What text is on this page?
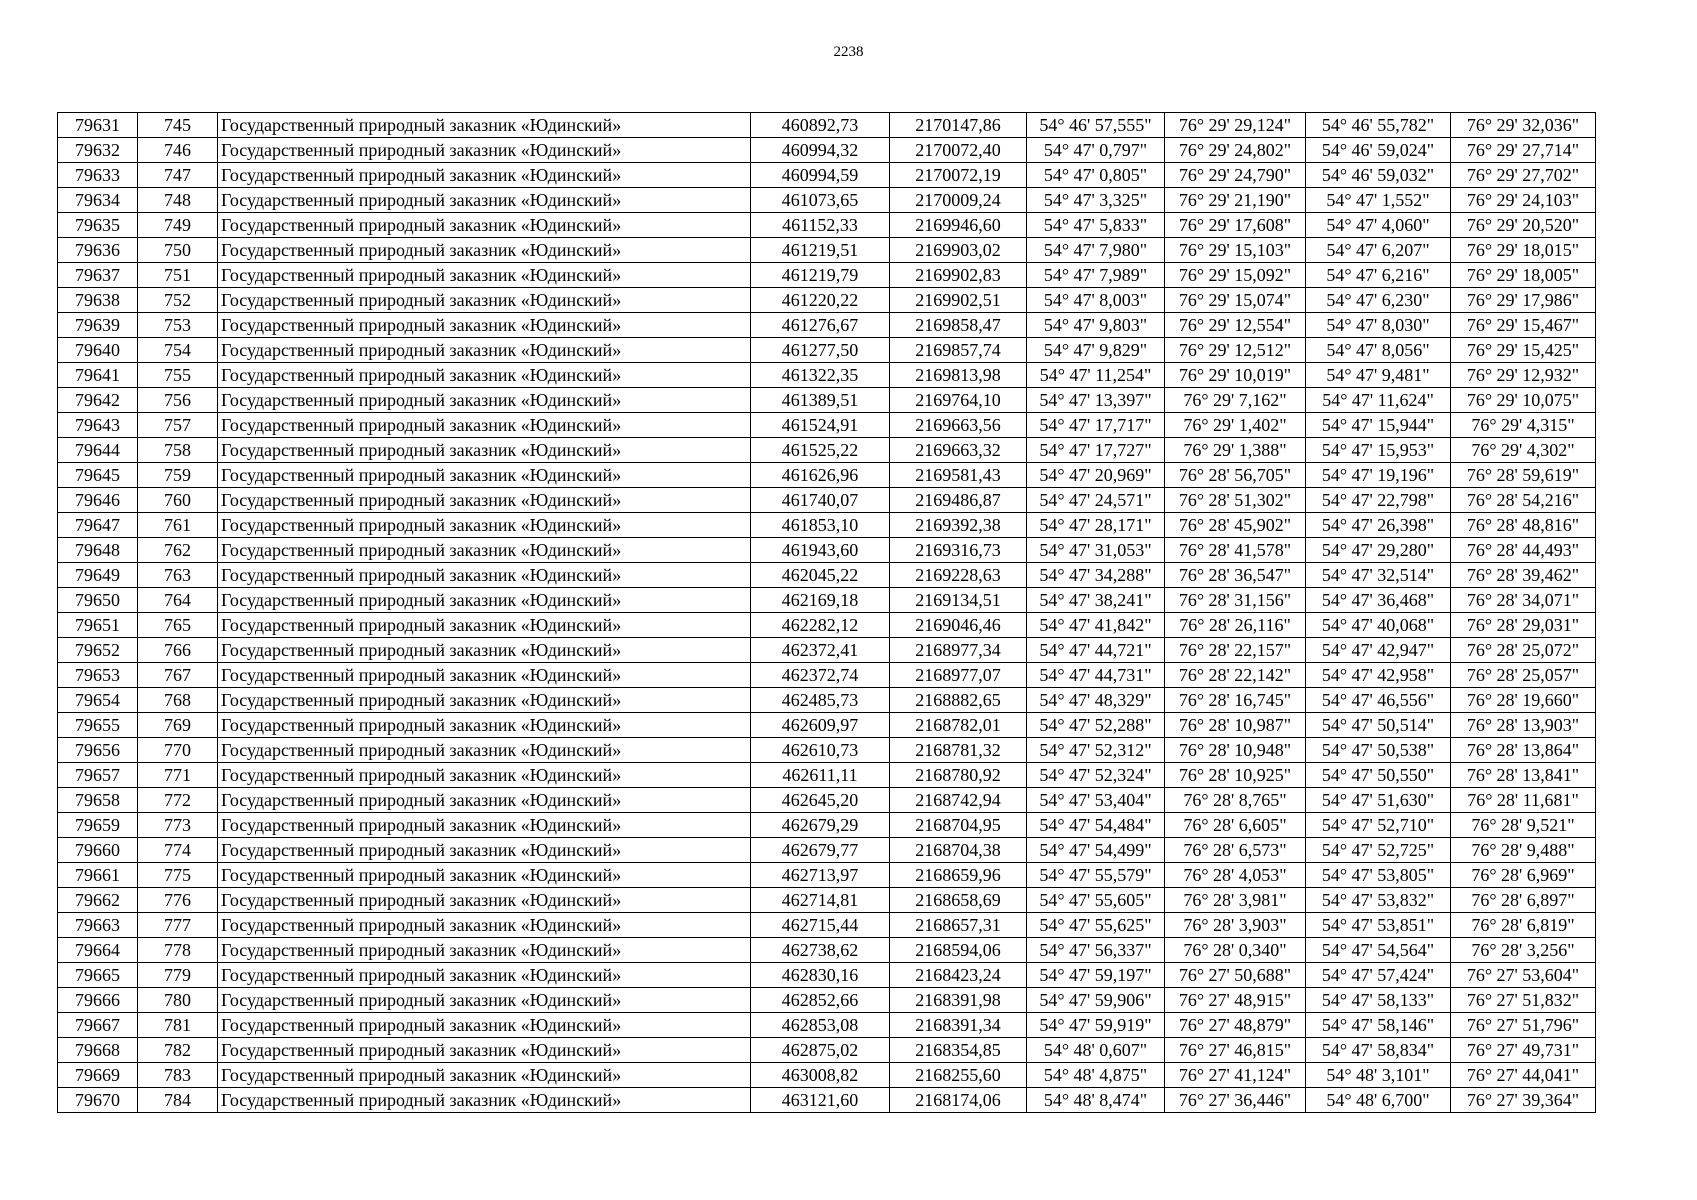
2238
79631	745	Государственный природный заказник «Юдинский»	460892,73	2170147,86	54° 46' 57,555"	76° 29' 29,124"	54° 46' 55,782"	76° 29' 32,036"
79632	746	Государственный природный заказник «Юдинский»	460994,32	2170072,40	54° 47' 0,797"	76° 29' 24,802"	54° 46' 59,024"	76° 29' 27,714"
79633	747	Государственный природный заказник «Юдинский»	460994,59	2170072,19	54° 47' 0,805"	76° 29' 24,790"	54° 46' 59,032"	76° 29' 27,702"
79634	748	Государственный природный заказник «Юдинский»	461073,65	2170009,24	54° 47' 3,325"	76° 29' 21,190"	54° 47' 1,552"	76° 29' 24,103"
79635	749	Государственный природный заказник «Юдинский»	461152,33	2169946,60	54° 47' 5,833"	76° 29' 17,608"	54° 47' 4,060"	76° 29' 20,520"
79636	750	Государственный природный заказник «Юдинский»	461219,51	2169903,02	54° 47' 7,980"	76° 29' 15,103"	54° 47' 6,207"	76° 29' 18,015"
79637	751	Государственный природный заказник «Юдинский»	461219,79	2169902,83	54° 47' 7,989"	76° 29' 15,092"	54° 47' 6,216"	76° 29' 18,005"
79638	752	Государственный природный заказник «Юдинский»	461220,22	2169902,51	54° 47' 8,003"	76° 29' 15,074"	54° 47' 6,230"	76° 29' 17,986"
79639	753	Государственный природный заказник «Юдинский»	461276,67	2169858,47	54° 47' 9,803"	76° 29' 12,554"	54° 47' 8,030"	76° 29' 15,467"
79640	754	Государственный природный заказник «Юдинский»	461277,50	2169857,74	54° 47' 9,829"	76° 29' 12,512"	54° 47' 8,056"	76° 29' 15,425"
79641	755	Государственный природный заказник «Юдинский»	461322,35	2169813,98	54° 47' 11,254"	76° 29' 10,019"	54° 47' 9,481"	76° 29' 12,932"
79642	756	Государственный природный заказник «Юдинский»	461389,51	2169764,10	54° 47' 13,397"	76° 29' 7,162"	54° 47' 11,624"	76° 29' 10,075"
79643	757	Государственный природный заказник «Юдинский»	461524,91	2169663,56	54° 47' 17,717"	76° 29' 1,402"	54° 47' 15,944"	76° 29' 4,315"
79644	758	Государственный природный заказник «Юдинский»	461525,22	2169663,32	54° 47' 17,727"	76° 29' 1,388"	54° 47' 15,953"	76° 29' 4,302"
79645	759	Государственный природный заказник «Юдинский»	461626,96	2169581,43	54° 47' 20,969"	76° 28' 56,705"	54° 47' 19,196"	76° 28' 59,619"
79646	760	Государственный природный заказник «Юдинский»	461740,07	2169486,87	54° 47' 24,571"	76° 28' 51,302"	54° 47' 22,798"	76° 28' 54,216"
79647	761	Государственный природный заказник «Юдинский»	461853,10	2169392,38	54° 47' 28,171"	76° 28' 45,902"	54° 47' 26,398"	76° 28' 48,816"
79648	762	Государственный природный заказник «Юдинский»	461943,60	2169316,73	54° 47' 31,053"	76° 28' 41,578"	54° 47' 29,280"	76° 28' 44,493"
79649	763	Государственный природный заказник «Юдинский»	462045,22	2169228,63	54° 47' 34,288"	76° 28' 36,547"	54° 47' 32,514"	76° 28' 39,462"
79650	764	Государственный природный заказник «Юдинский»	462169,18	2169134,51	54° 47' 38,241"	76° 28' 31,156"	54° 47' 36,468"	76° 28' 34,071"
79651	765	Государственный природный заказник «Юдинский»	462282,12	2169046,46	54° 47' 41,842"	76° 28' 26,116"	54° 47' 40,068"	76° 28' 29,031"
79652	766	Государственный природный заказник «Юдинский»	462372,41	2168977,34	54° 47' 44,721"	76° 28' 22,157"	54° 47' 42,947"	76° 28' 25,072"
79653	767	Государственный природный заказник «Юдинский»	462372,74	2168977,07	54° 47' 44,731"	76° 28' 22,142"	54° 47' 42,958"	76° 28' 25,057"
79654	768	Государственный природный заказник «Юдинский»	462485,73	2168882,65	54° 47' 48,329"	76° 28' 16,745"	54° 47' 46,556"	76° 28' 19,660"
79655	769	Государственный природный заказник «Юдинский»	462609,97	2168782,01	54° 47' 52,288"	76° 28' 10,987"	54° 47' 50,514"	76° 28' 13,903"
79656	770	Государственный природный заказник «Юдинский»	462610,73	2168781,32	54° 47' 52,312"	76° 28' 10,948"	54° 47' 50,538"	76° 28' 13,864"
79657	771	Государственный природный заказник «Юдинский»	462611,11	2168780,92	54° 47' 52,324"	76° 28' 10,925"	54° 47' 50,550"	76° 28' 13,841"
79658	772	Государственный природный заказник «Юдинский»	462645,20	2168742,94	54° 47' 53,404"	76° 28' 8,765"	54° 47' 51,630"	76° 28' 11,681"
79659	773	Государственный природный заказник «Юдинский»	462679,29	2168704,95	54° 47' 54,484"	76° 28' 6,605"	54° 47' 52,710"	76° 28' 9,521"
79660	774	Государственный природный заказник «Юдинский»	462679,77	2168704,38	54° 47' 54,499"	76° 28' 6,573"	54° 47' 52,725"	76° 28' 9,488"
79661	775	Государственный природный заказник «Юдинский»	462713,97	2168659,96	54° 47' 55,579"	76° 28' 4,053"	54° 47' 53,805"	76° 28' 6,969"
79662	776	Государственный природный заказник «Юдинский»	462714,81	2168658,69	54° 47' 55,605"	76° 28' 3,981"	54° 47' 53,832"	76° 28' 6,897"
79663	777	Государственный природный заказник «Юдинский»	462715,44	2168657,31	54° 47' 55,625"	76° 28' 3,903"	54° 47' 53,851"	76° 28' 6,819"
79664	778	Государственный природный заказник «Юдинский»	462738,62	2168594,06	54° 47' 56,337"	76° 28' 0,340"	54° 47' 54,564"	76° 28' 3,256"
79665	779	Государственный природный заказник «Юдинский»	462830,16	2168423,24	54° 47' 59,197"	76° 27' 50,688"	54° 47' 57,424"	76° 27' 53,604"
79666	780	Государственный природный заказник «Юдинский»	462852,66	2168391,98	54° 47' 59,906"	76° 27' 48,915"	54° 47' 58,133"	76° 27' 51,832"
79667	781	Государственный природный заказник «Юдинский»	462853,08	2168391,34	54° 47' 59,919"	76° 27' 48,879"	54° 47' 58,146"	76° 27' 51,796"
79668	782	Государственный природный заказник «Юдинский»	462875,02	2168354,85	54° 48' 0,607"	76° 27' 46,815"	54° 47' 58,834"	76° 27' 49,731"
79669	783	Государственный природный заказник «Юдинский»	463008,82	2168255,60	54° 48' 4,875"	76° 27' 41,124"	54° 48' 3,101"	76° 27' 44,041"
79670	784	Государственный природный заказник «Юдинский»	463121,60	2168174,06	54° 48' 8,474"	76° 27' 36,446"	54° 48' 6,700"	76° 27' 39,364"
